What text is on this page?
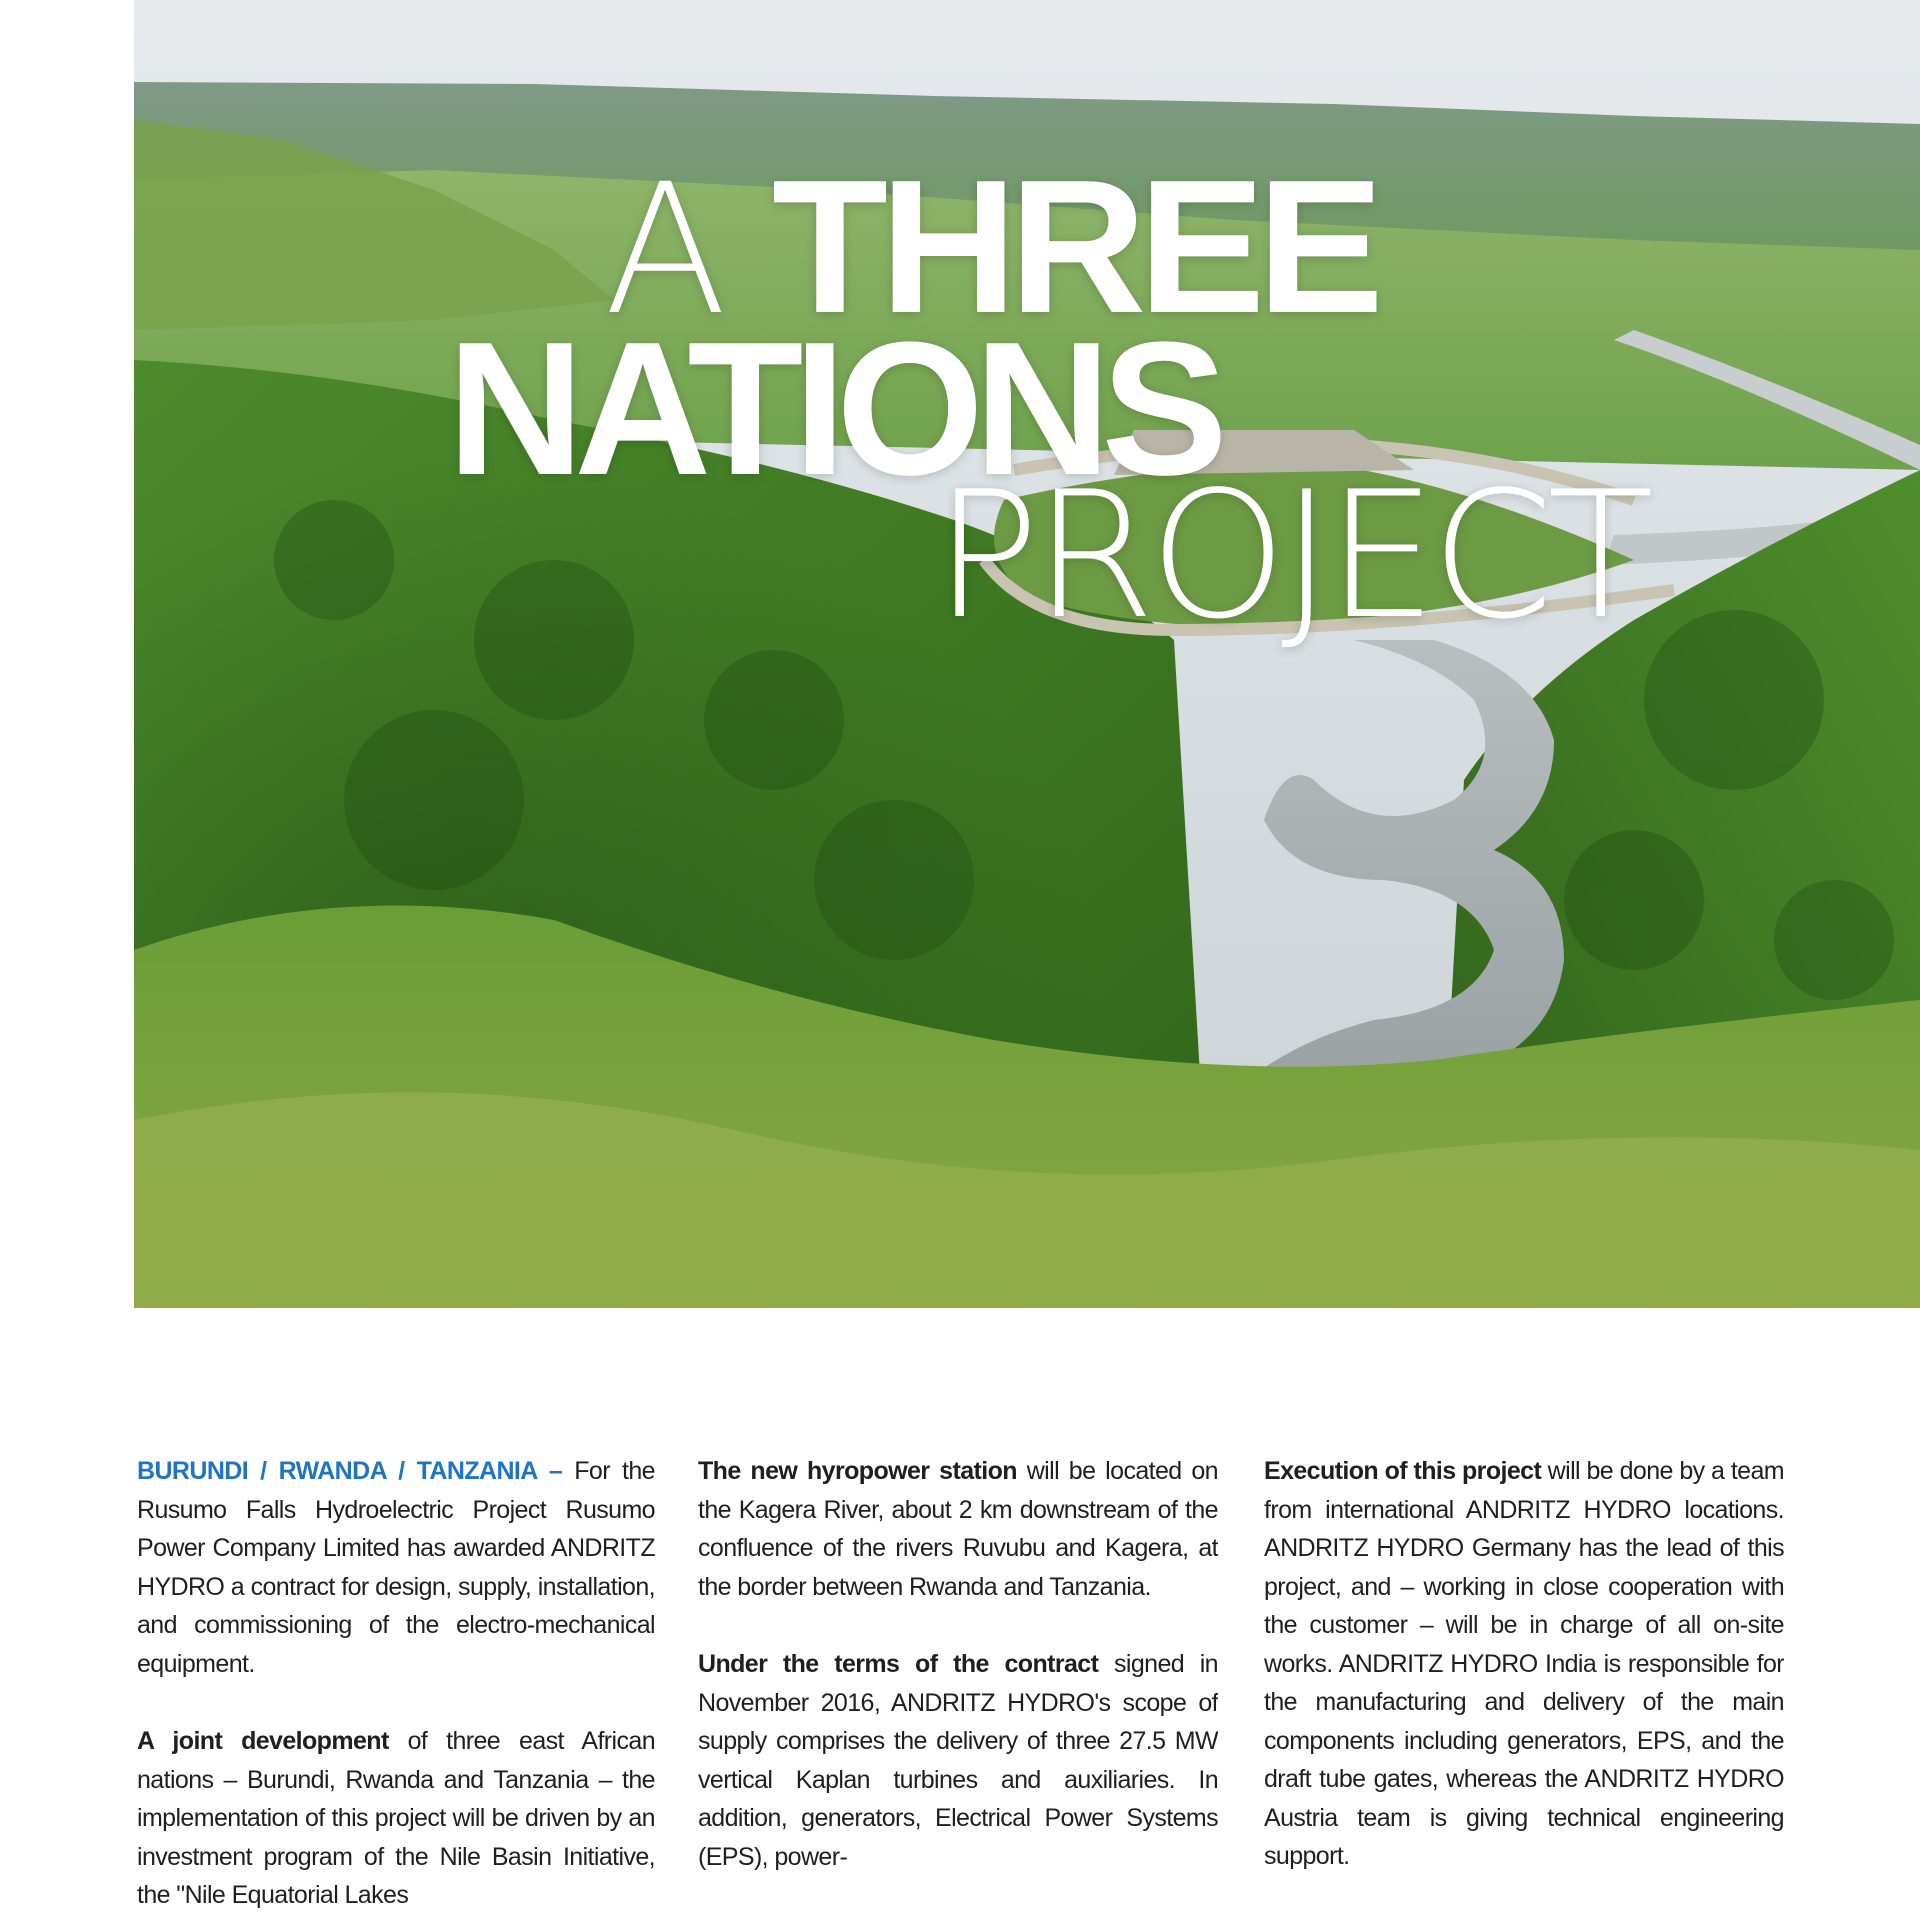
A THREE
NATIONS
PROJECT

BURUNDI / RWANDA / TANZANIA – For the Rusumo Falls Hydroelectric Project Rusumo Power Company Limited has awarded ANDRITZ HYDRO a contract for design, supply, installation, and commissioning of the electro-mechanical equipment.

A joint development of three east African nations – Burundi, Rwanda and Tanzania – the implementation of this project will be driven by an investment program of the Nile Basin Initiative, the "Nile Equatorial Lakes

The new hyropower station will be located on the Kagera River, about 2 km downstream of the confluence of the rivers Ruvubu and Kagera, at the border between Rwanda and Tanzania.

Under the terms of the contract signed in November 2016, ANDRITZ HYDRO's scope of supply comprises the delivery of three 27.5 MW vertical Kaplan turbines and auxiliaries. In addition, generators, Electrical Power Systems (EPS), power-

Execution of this project will be done by a team from international ANDRITZ HYDRO locations. ANDRITZ HYDRO Germany has the lead of this project, and – working in close cooperation with the customer – will be in charge of all on-site works. ANDRITZ HYDRO India is responsible for the manufacturing and delivery of the main components including generators, EPS, and the draft tube gates, whereas the ANDRITZ HYDRO Austria team is giving technical engineering support.
